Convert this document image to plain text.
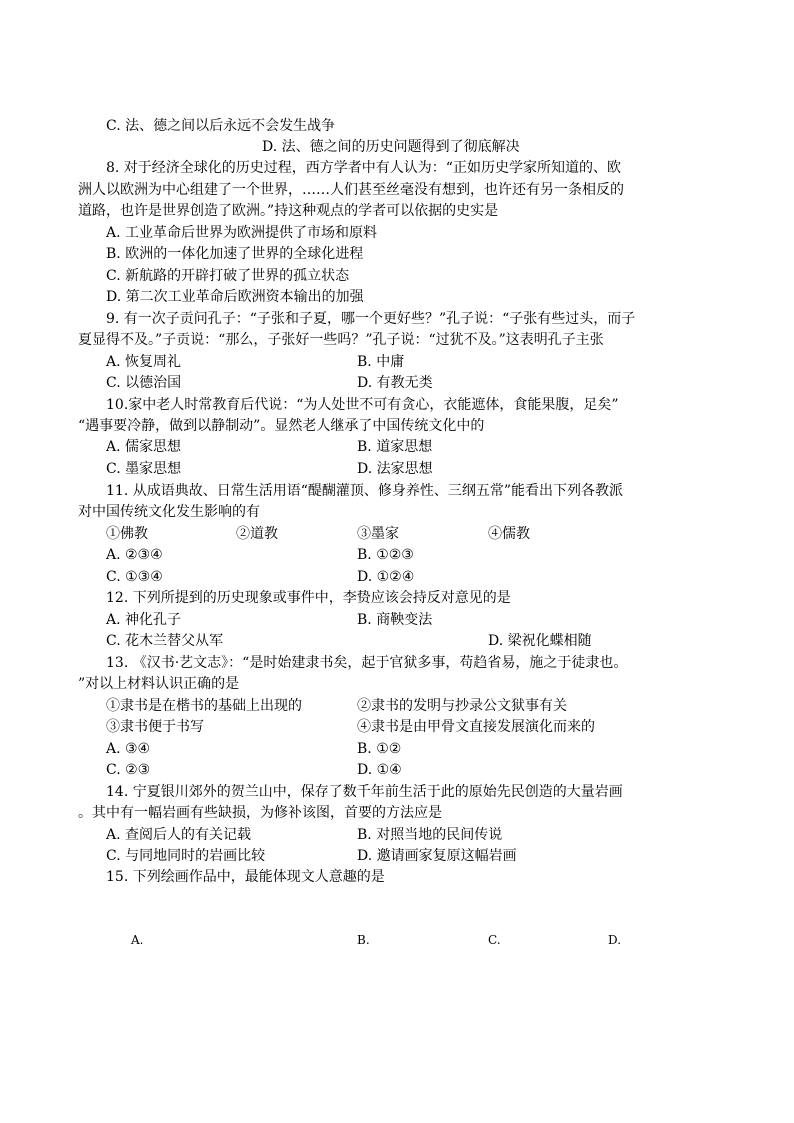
C. 法、德之间以后永远不会发生战争
D. 法、德之间的历史问题得到了彻底解决
8. 对于经济全球化的历史过程，西方学者中有人认为：“正如历史学家所知道的、欧
洲人以欧洲为中心组建了一个世界，……人们甚至丝毫没有想到，也许还有另一条相反的
道路，也许是世界创造了欧洲。”持这种观点的学者可以依据的史实是
A. 工业革命后世界为欧洲提供了市场和原料
B. 欧洲的一体化加速了世界的全球化进程
C. 新航路的开辟打破了世界的孤立状态
D. 第二次工业革命后欧洲资本输出的加强
9. 有一次子贡问孔子：“子张和子夏，哪一个更好些？”孔子说：“子张有些过头，而子
夏显得不及。”子贡说：“那么，子张好一些吗？”孔子说：“过犹不及。”这表明孔子主张
A. 恢复周礼	B. 中庸
C. 以德治国	D. 有教无类
10.家中老人时常教育后代说：“为人处世不可有贪心，衣能遮体，食能果腹，足矣”
“遇事要冷静，做到以静制动”。显然老人继承了中国传统文化中的
A. 儒家思想	B. 道家思想
C. 墨家思想	D. 法家思想
11. 从成语典故、日常生活用语“醍醐灌顶、修身养性、三纲五常”能看出下列各教派
对中国传统文化发生影响的有
①佛教	②道教	③墨家	④儒教
A. ②③④	B. ①②③
C. ①③④	D. ①②④
12. 下列所提到的历史现象或事件中，李贽应该会持反对意见的是
A. 神化孔子	B. 商鞅变法
C. 花木兰替父从军	D. 梁祝化蝶相随
13. 《汉书·艺文志》：“是时始建隶书矣，起于官狱多事，苟趋省易，施之于徒隶也。
”对以上材料认识正确的是
①隶书是在楷书的基础上出现的	②隶书的发明与抄录公文狱事有关
③隶书便于书写	④隶书是由甲骨文直接发展演化而来的
A. ③④	B. ①②
C. ②③	D. ①④
14. 宁夏银川郊外的贺兰山中，保存了数千年前生活于此的原始先民创造的大量岩画
。其中有一幅岩画有些缺损，为修补该图，首要的方法应是
A. 查阅后人的有关记载	B. 对照当地的民间传说
C. 与同地同时的岩画比较	D. 邀请画家复原这幅岩画
15. 下列绘画作品中，最能体现文人意趣的是
A.	B.	C.	D.
